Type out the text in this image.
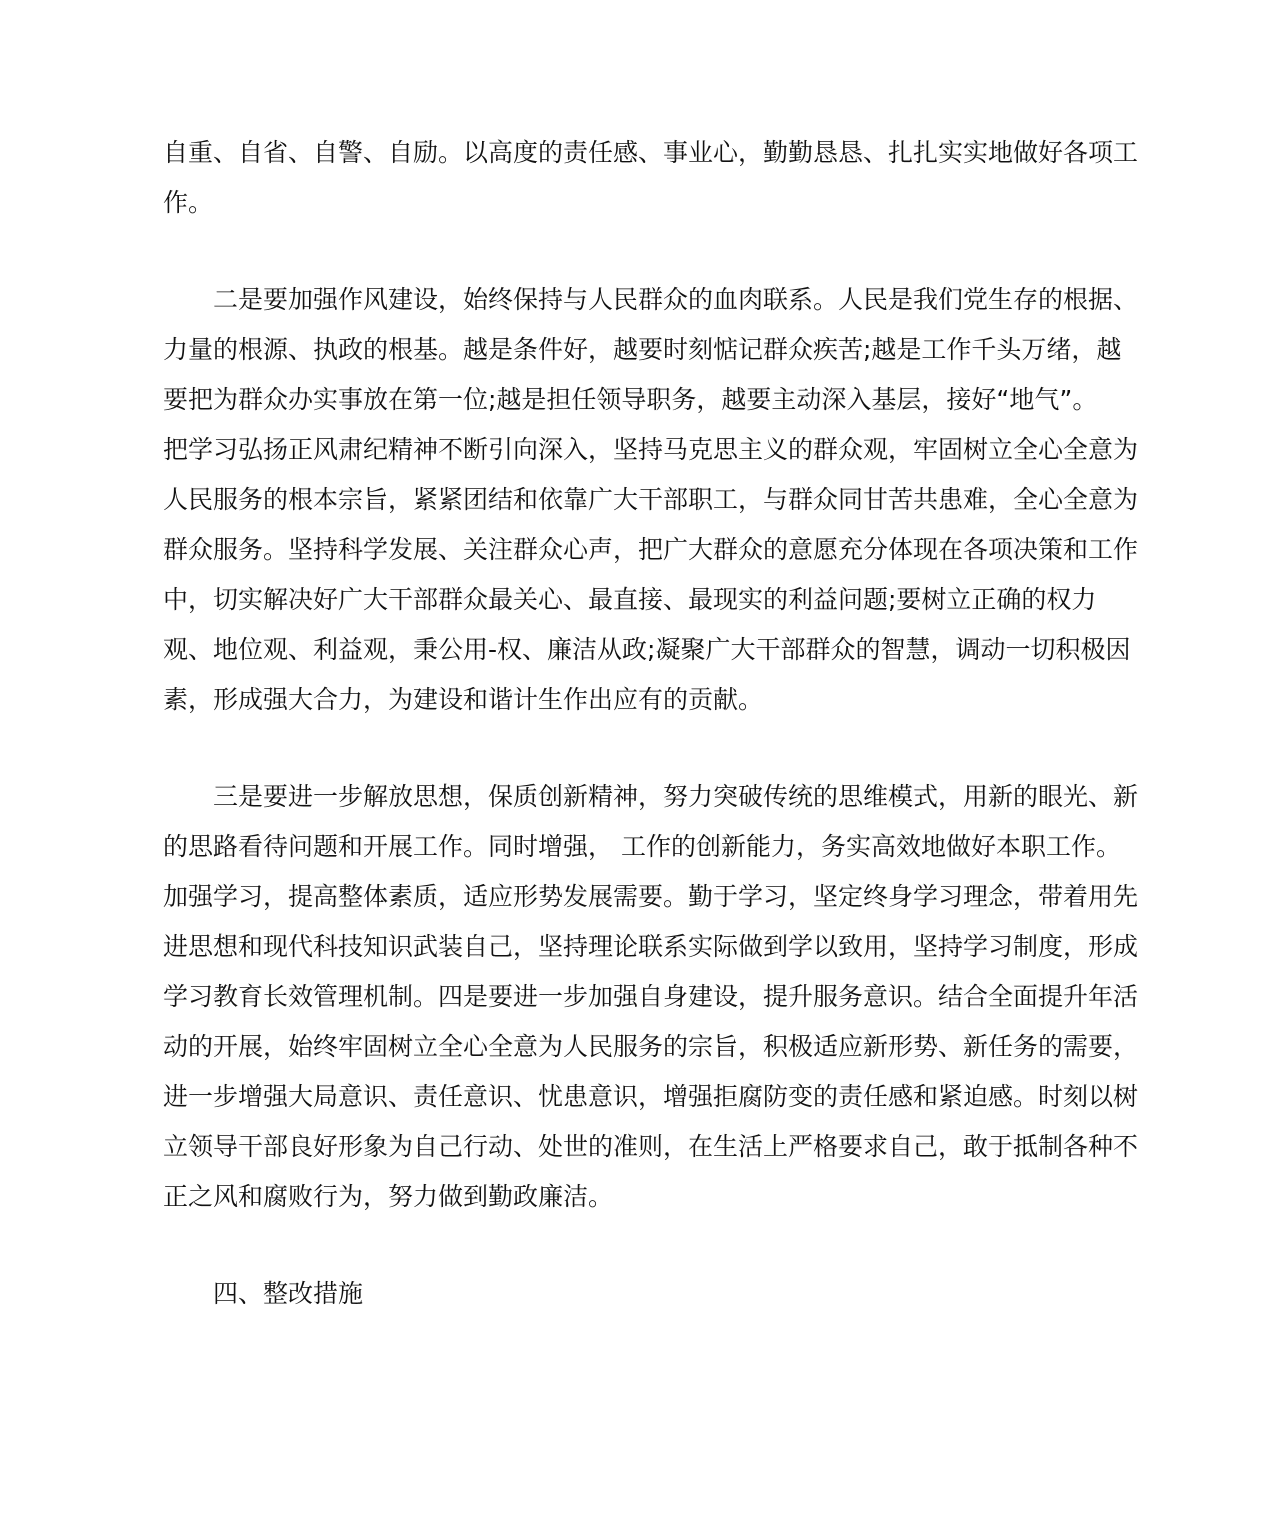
自重、自省、自警、自励。以高度的责任感、事业心，勤勤恳恳、扎扎实实地做好各项工
作。
二是要加强作风建设，始终保持与人民群众的血肉联系。人民是我们党生存的根据、
力量的根源、执政的根基。越是条件好，越要时刻惦记群众疾苦;越是工作千头万绪，越
要把为群众办实事放在第一位;越是担任领导职务，越要主动深入基层，接好“地气”。
把学习弘扬正风肃纪精神不断引向深入，坚持马克思主义的群众观，牢固树立全心全意为
人民服务的根本宗旨，紧紧团结和依靠广大干部职工，与群众同甘苦共患难，全心全意为
群众服务。坚持科学发展、关注群众心声，把广大群众的意愿充分体现在各项决策和工作
中，切实解决好广大干部群众最关心、最直接、最现实的利益问题;要树立正确的权力
观、地位观、利益观，秉公用-权、廉洁从政;凝聚广大干部群众的智慧，调动一切积极因
素，形成强大合力，为建设和谐计生作出应有的贡献。
三是要进一步解放思想，保质创新精神，努力突破传统的思维模式，用新的眼光、新
的思路看待问题和开展工作。同时增强， 工作的创新能力，务实高效地做好本职工作。
加强学习，提高整体素质，适应形势发展需要。勤于学习，坚定终身学习理念，带着用先
进思想和现代科技知识武装自己，坚持理论联系实际做到学以致用，坚持学习制度，形成
学习教育长效管理机制。四是要进一步加强自身建设，提升服务意识。结合全面提升年活
动的开展，始终牢固树立全心全意为人民服务的宗旨，积极适应新形势、新任务的需要，
进一步增强大局意识、责任意识、忧患意识，增强拒腐防变的责任感和紧迫感。时刻以树
立领导干部良好形象为自己行动、处世的准则，在生活上严格要求自己，敢于抵制各种不
正之风和腐败行为，努力做到勤政廉洁。
四、整改措施
